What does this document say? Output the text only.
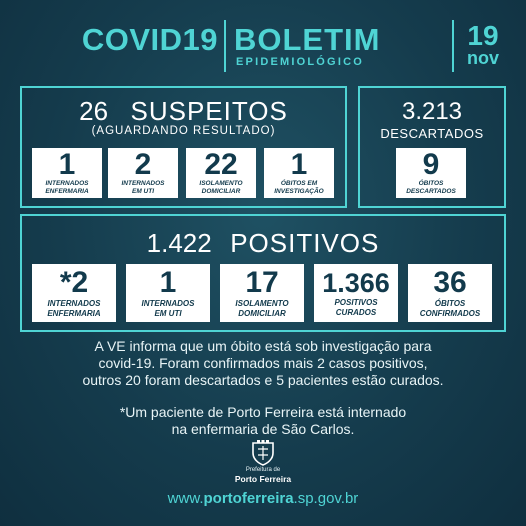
COVID19 BOLETIM
EPIDEMIOLÓGICO
19
nov
26 SUSPEITOS
(AGUARDANDO RESULTADO)
1
INTERNADOS
ENFERMARIA
2
INTERNADOS
EM UTI
22
ISOLAMENTO
DOMICILIAR
1
ÓBITOS EM
INVESTIGAÇÃO
3.213
DESCARTADOS
9
ÓBITOS
DESCARTADOS
1.422 POSITIVOS
*2
INTERNADOS
ENFERMARIA
1
INTERNADOS
EM UTI
17
ISOLAMENTO
DOMICILIAR
1.366
POSITIVOS
CURADOS
36
ÓBITOS
CONFIRMADOS
A VE informa que um óbito está sob investigação para
covid-19. Foram confirmados mais 2 casos positivos,
outros 20 foram descartados e 5 pacientes estão curados.
*Um paciente de Porto Ferreira está internado
na enfermaria de São Carlos.
Prefeitura de
Porto Ferreira
www.portoferreira.sp.gov.br
